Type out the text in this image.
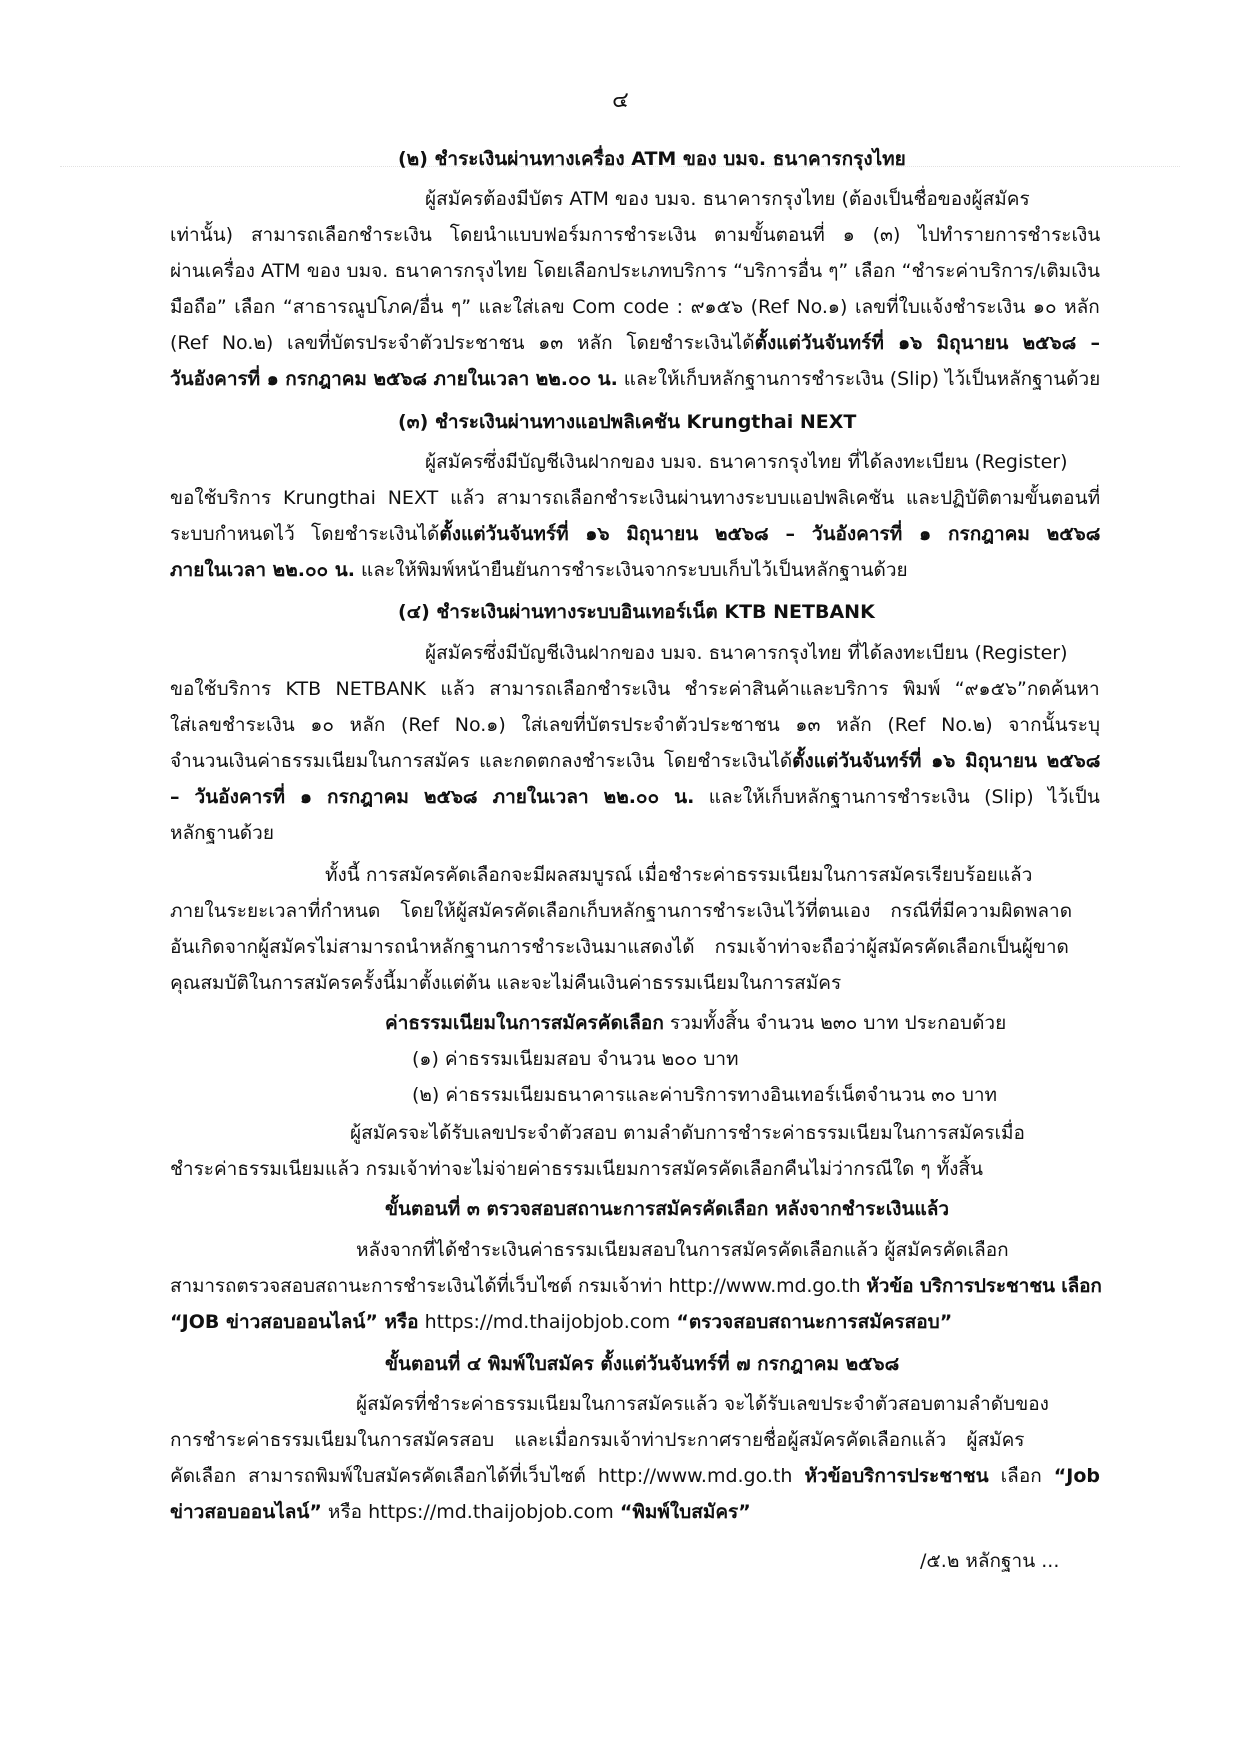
๔
(๒) ชำระเงินผ่านทางเครื่อง ATM ของ บมจ. ธนาคารกรุงไทย
ผู้สมัครต้องมีบัตร ATM ของ บมจ. ธนาคารกรุงไทย (ต้องเป็นชื่อของผู้สมัคร
เท่านั้น) สามารถเลือกชำระเงิน โดยนำแบบฟอร์มการชำระเงิน ตามขั้นตอนที่ ๑ (๓) ไปทำรายการชำระเงิน
ผ่านเครื่อง ATM ของ บมจ. ธนาคารกรุงไทย โดยเลือกประเภทบริการ “บริการอื่น ๆ” เลือก “ชำระค่าบริการ/เติมเงิน
มือถือ” เลือก “สาธารณูปโภค/อื่น ๆ” และใส่เลข Com code : ๙๑๕๖ (Ref No.๑) เลขที่ใบแจ้งชำระเงิน ๑๐ หลัก
(Ref No.๒) เลขที่บัตรประจำตัวประชาชน ๑๓ หลัก โดยชำระเงินได้ตั้งแต่วันจันทร์ที่ ๑๖ มิถุนายน ๒๕๖๘ –
วันอังคารที่ ๑ กรกฎาคม ๒๕๖๘ ภายในเวลา ๒๒.๐๐ น. และให้เก็บหลักฐานการชำระเงิน (Slip) ไว้เป็นหลักฐานด้วย
(๓) ชำระเงินผ่านทางแอปพลิเคชัน Krungthai NEXT
ผู้สมัครซึ่งมีบัญชีเงินฝากของ บมจ. ธนาคารกรุงไทย ที่ได้ลงทะเบียน (Register)
ขอใช้บริการ Krungthai NEXT แล้ว สามารถเลือกชำระเงินผ่านทางระบบแอปพลิเคชัน และปฏิบัติตามขั้นตอนที่
ระบบกำหนดไว้ โดยชำระเงินได้ตั้งแต่วันจันทร์ที่ ๑๖ มิถุนายน ๒๕๖๘ – วันอังคารที่ ๑ กรกฎาคม ๒๕๖๘
ภายในเวลา ๒๒.๐๐ น. และให้พิมพ์หน้ายืนยันการชำระเงินจากระบบเก็บไว้เป็นหลักฐานด้วย
(๔) ชำระเงินผ่านทางระบบอินเทอร์เน็ต KTB NETBANK
ผู้สมัครซึ่งมีบัญชีเงินฝากของ บมจ. ธนาคารกรุงไทย ที่ได้ลงทะเบียน (Register)
ขอใช้บริการ KTB NETBANK แล้ว สามารถเลือกชำระเงิน ชำระค่าสินค้าและบริการ พิมพ์ “๙๑๕๖”กดค้นหา
ใส่เลขชำระเงิน ๑๐ หลัก (Ref No.๑) ใส่เลขที่บัตรประจำตัวประชาชน ๑๓ หลัก (Ref No.๒) จากนั้นระบุ
จำนวนเงินค่าธรรมเนียมในการสมัคร และกดตกลงชำระเงิน โดยชำระเงินได้ตั้งแต่วันจันทร์ที่ ๑๖ มิถุนายน ๒๕๖๘
– วันอังคารที่ ๑ กรกฎาคม ๒๕๖๘ ภายในเวลา ๒๒.๐๐ น. และให้เก็บหลักฐานการชำระเงิน (Slip) ไว้เป็น
หลักฐานด้วย
ทั้งนี้ การสมัครคัดเลือกจะมีผลสมบูรณ์ เมื่อชำระค่าธรรมเนียมในการสมัครเรียบร้อยแล้ว
ภายในระยะเวลาที่กำหนด โดยให้ผู้สมัครคัดเลือกเก็บหลักฐานการชำระเงินไว้ที่ตนเอง กรณีที่มีความผิดพลาด
อันเกิดจากผู้สมัครไม่สามารถนำหลักฐานการชำระเงินมาแสดงได้ กรมเจ้าท่าจะถือว่าผู้สมัครคัดเลือกเป็นผู้ขาด
คุณสมบัติในการสมัครครั้งนี้มาตั้งแต่ต้น และจะไม่คืนเงินค่าธรรมเนียมในการสมัคร
ค่าธรรมเนียมในการสมัครคัดเลือก รวมทั้งสิ้น จำนวน ๒๓๐ บาท ประกอบด้วย
(๑) ค่าธรรมเนียมสอบ จำนวน ๒๐๐ บาท
(๒) ค่าธรรมเนียมธนาคารและค่าบริการทางอินเทอร์เน็ตจำนวน ๓๐ บาท
ผู้สมัครจะได้รับเลขประจำตัวสอบ ตามลำดับการชำระค่าธรรมเนียมในการสมัครเมื่อ
ชำระค่าธรรมเนียมแล้ว กรมเจ้าท่าจะไม่จ่ายค่าธรรมเนียมการสมัครคัดเลือกคืนไม่ว่ากรณีใด ๆ ทั้งสิ้น
ขั้นตอนที่ ๓ ตรวจสอบสถานะการสมัครคัดเลือก หลังจากชำระเงินแล้ว
หลังจากที่ได้ชำระเงินค่าธรรมเนียมสอบในการสมัครคัดเลือกแล้ว ผู้สมัครคัดเลือก
สามารถตรวจสอบสถานะการชำระเงินได้ที่เว็บไซต์ กรมเจ้าท่า http://www.md.go.th หัวข้อ บริการประชาชน เลือก
“JOB ข่าวสอบออนไลน์” หรือ https://md.thaijobjob.com “ตรวจสอบสถานะการสมัครสอบ”
ขั้นตอนที่ ๔ พิมพ์ใบสมัคร ตั้งแต่วันจันทร์ที่ ๗ กรกฎาคม ๒๕๖๘
ผู้สมัครที่ชำระค่าธรรมเนียมในการสมัครแล้ว จะได้รับเลขประจำตัวสอบตามลำดับของ
การชำระค่าธรรมเนียมในการสมัครสอบ และเมื่อกรมเจ้าท่าประกาศรายชื่อผู้สมัครคัดเลือกแล้ว ผู้สมัคร
คัดเลือก สามารถพิมพ์ใบสมัครคัดเลือกได้ที่เว็บไซต์ http://www.md.go.th หัวข้อบริการประชาชน เลือก “Job
ข่าวสอบออนไลน์” หรือ https://md.thaijobjob.com “พิมพ์ใบสมัคร”
/๕.๒ หลักฐาน ...
